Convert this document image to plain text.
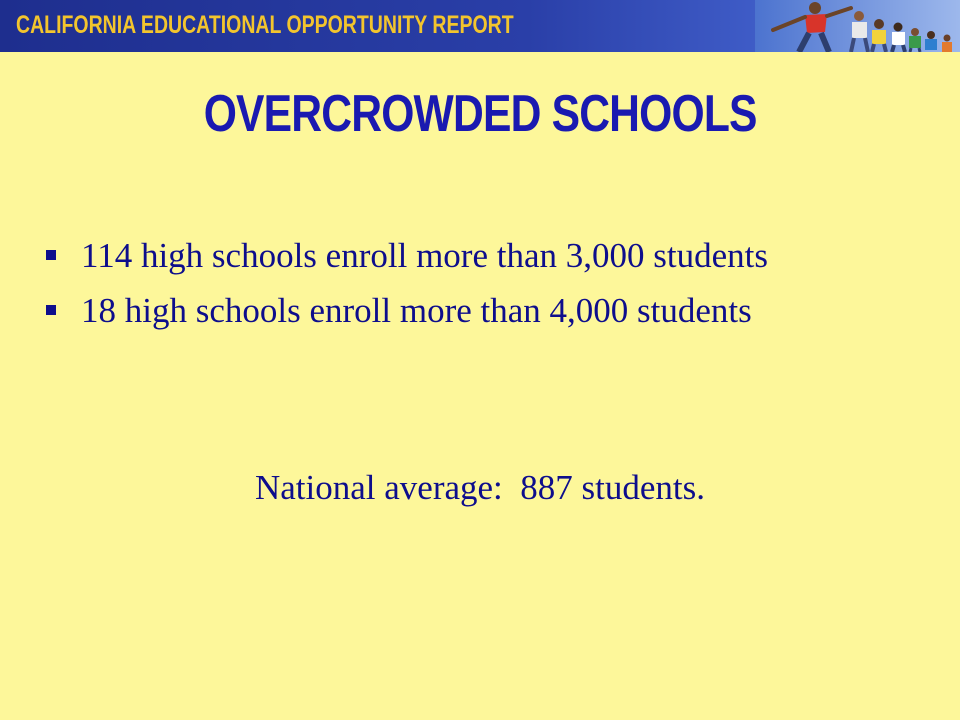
CALIFORNIA EDUCATIONAL OPPORTUNITY REPORT
OVERCROWDED SCHOOLS
114 high schools enroll more than 3,000 students
18 high schools enroll more than 4,000 students
National average:  887 students.
